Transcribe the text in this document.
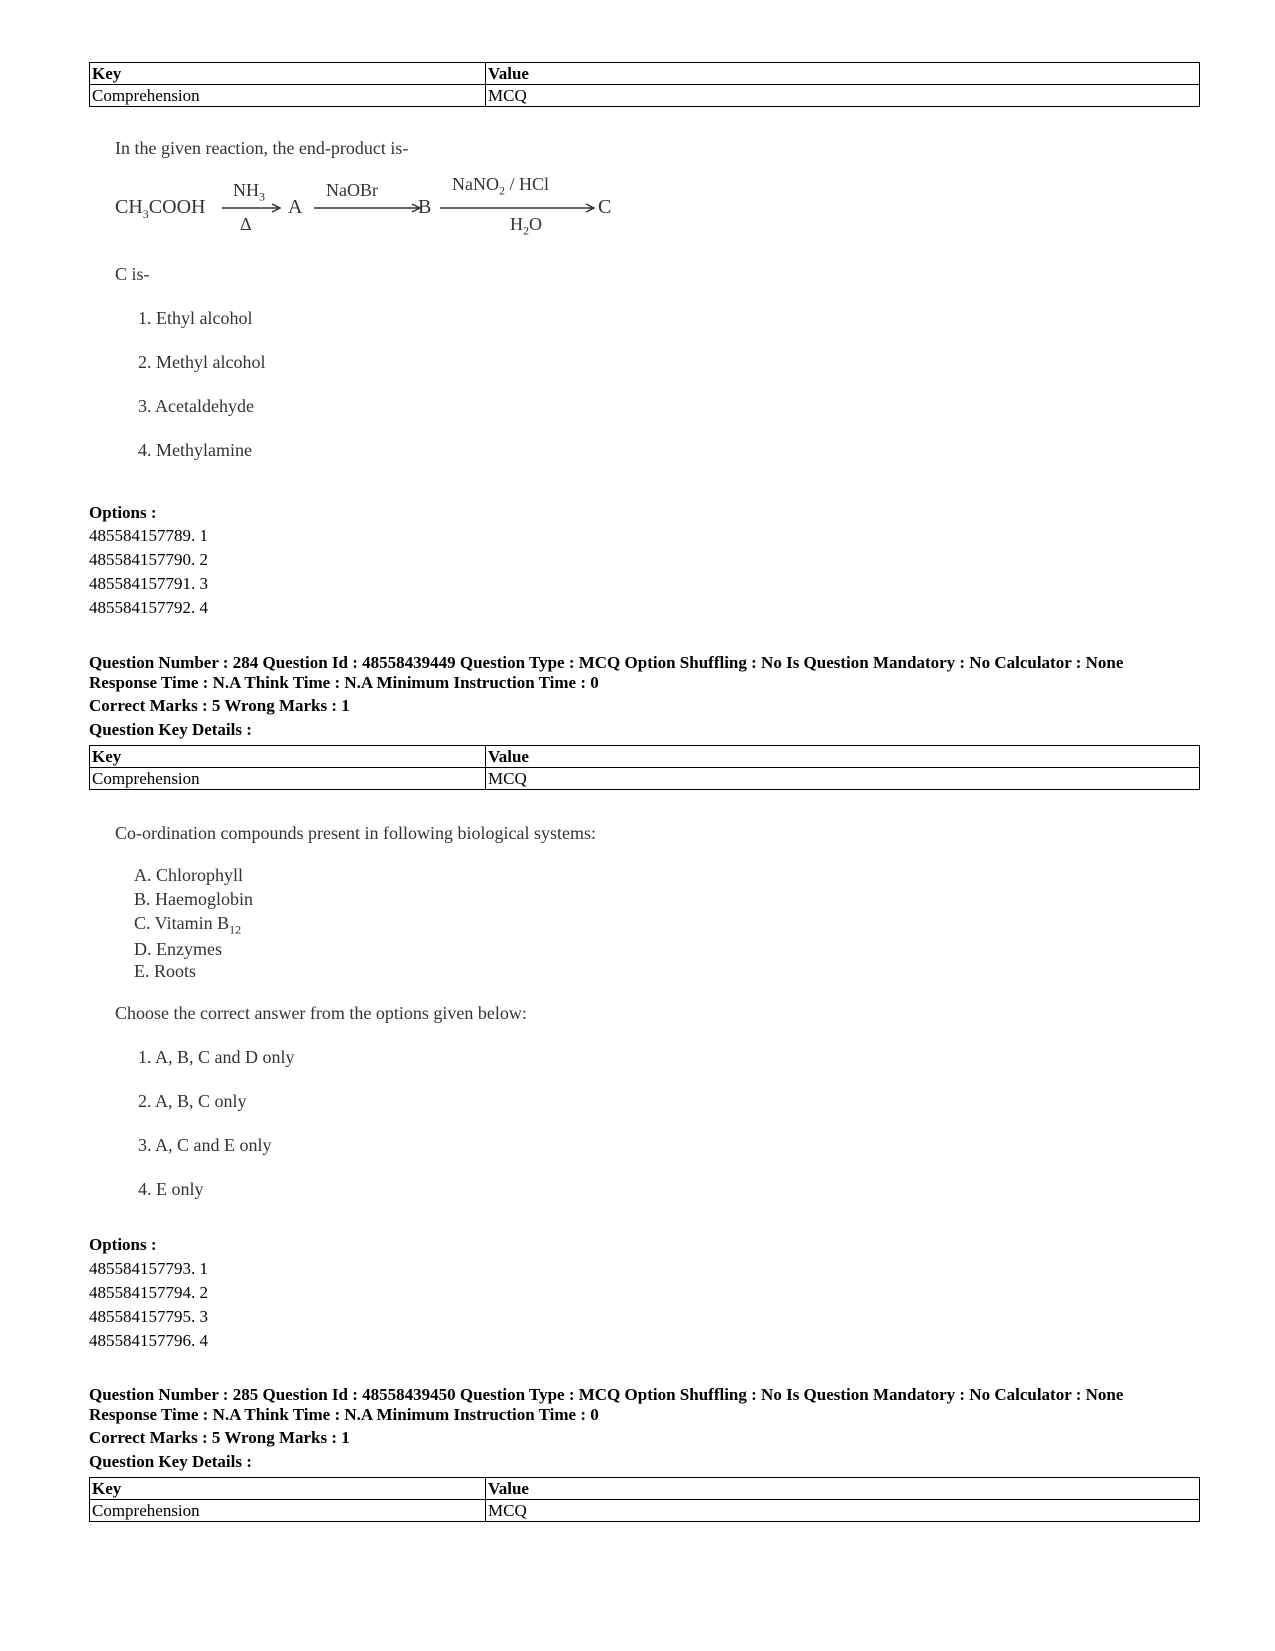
Key	Value
Comprehension	MCQ
In the given reaction, the end-product is-
$CH_3COOH$
$NH_3$
Δ
A
NaOBr
B
NaNO$_2$ / HCl
$H_2O$
C
C is-
1. Ethyl alcohol
2. Methyl alcohol
3. Acetaldehyde
4. Methylamine
Options :
485584157789. 1
485584157790. 2
485584157791. 3
485584157792. 4
Question Number : 284 Question Id : 48558439449 Question Type : MCQ Option Shuffling : No Is Question Mandatory : No Calculator : None
Response Time : N.A Think Time : N.A Minimum Instruction Time : 0
Correct Marks : 5 Wrong Marks : 1
Question Key Details :
Key	Value
Comprehension	MCQ
Co-ordination compounds present in following biological systems:
A. Chlorophyll
B. Haemoglobin
C. Vitamin $B_{12}$
D. Enzymes
E. Roots
Choose the correct answer from the options given below:
1. A, B, C and D only
2. A, B, C only
3. A, C and E only
4. E only
Options :
485584157793. 1
485584157794. 2
485584157795. 3
485584157796. 4
Question Number : 285 Question Id : 48558439450 Question Type : MCQ Option Shuffling : No Is Question Mandatory : No Calculator : None
Response Time : N.A Think Time : N.A Minimum Instruction Time : 0
Correct Marks : 5 Wrong Marks : 1
Question Key Details :
Key	Value
Comprehension	MCQ
